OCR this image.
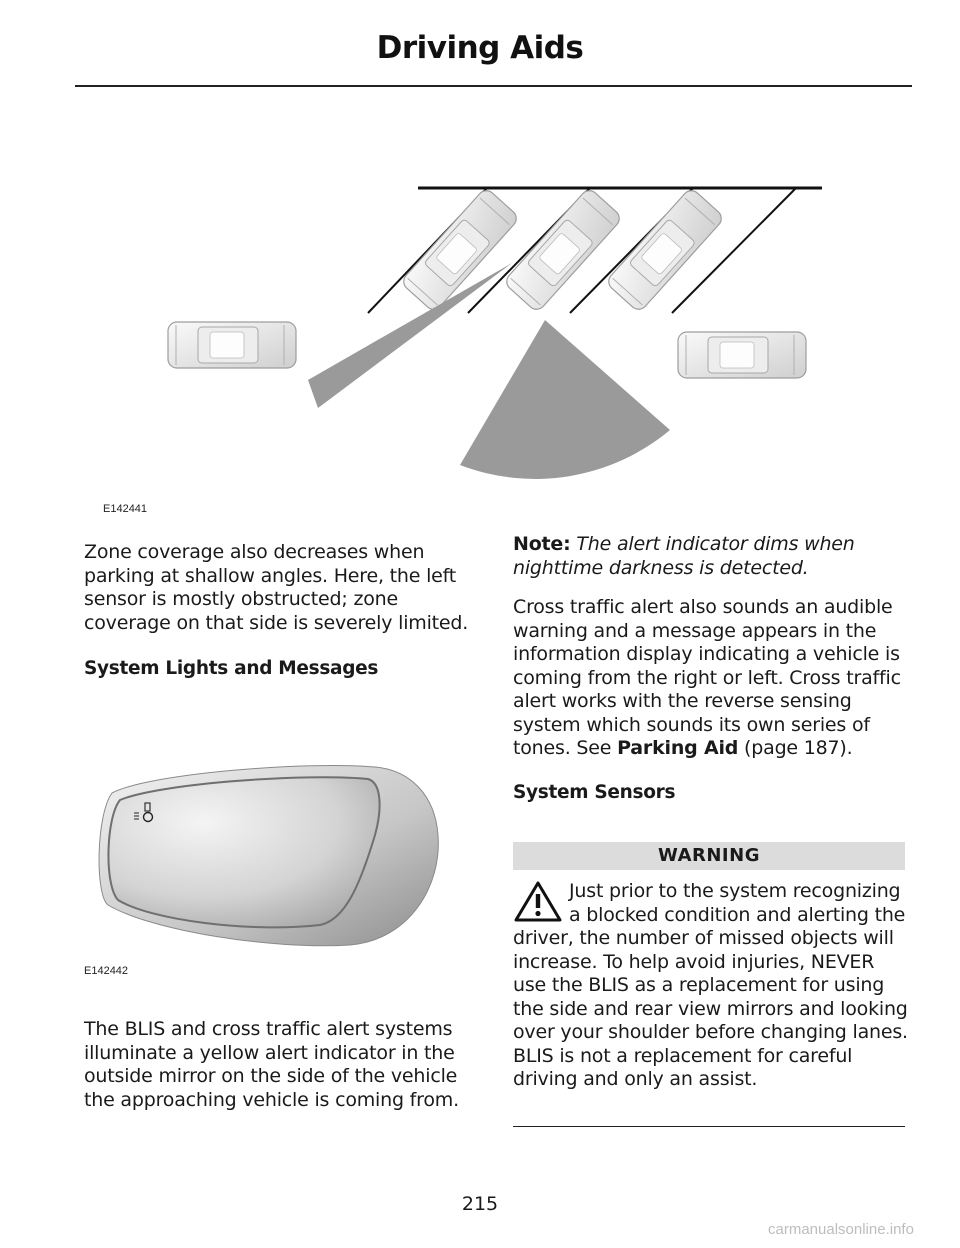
Driving Aids
E142441

Zone coverage also decreases when parking at shallow angles. Here, the left sensor is mostly obstructed; zone coverage on that side is severely limited.

System Lights and Messages

E142442

The BLIS and cross traffic alert systems illuminate a yellow alert indicator in the outside mirror on the side of the vehicle the approaching vehicle is coming from.

Note: The alert indicator dims when nighttime darkness is detected.

Cross traffic alert also sounds an audible warning and a message appears in the information display indicating a vehicle is coming from the right or left. Cross traffic alert works with the reverse sensing system which sounds its own series of tones. See Parking Aid (page 187).

System Sensors

WARNING

Just prior to the system recognizing a blocked condition and alerting the driver, the number of missed objects will increase. To help avoid injuries, NEVER use the BLIS as a replacement for using the side and rear view mirrors and looking over your shoulder before changing lanes. BLIS is not a replacement for careful driving and only an assist.

215
carmanualsonline.info
